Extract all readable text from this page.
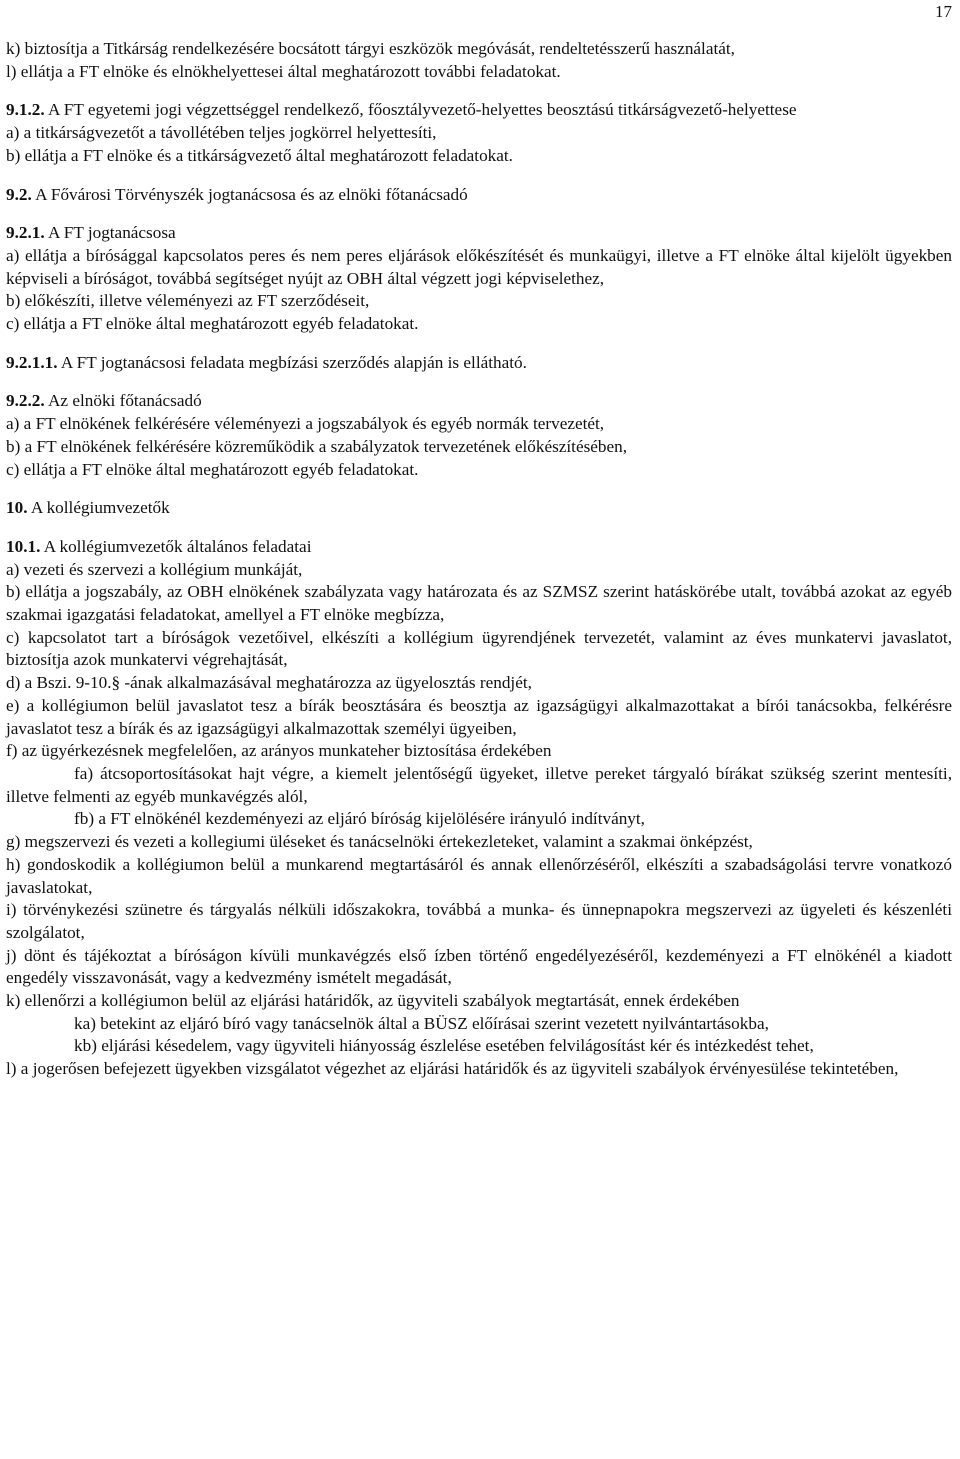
17

k) biztosítja a Titkárság rendelkezésére bocsátott tárgyi eszközök megóvását, rendeltetésszerű használatát,

l) ellátja a FT elnöke és elnökhelyettesei által meghatározott további feladatokat.

9.1.2. A FT egyetemi jogi végzettséggel rendelkező, főosztályvezető-helyettes beosztású titkárságvezető-helyettese

a) a titkárságvezetőt a távollétében teljes jogkörrel helyettesíti,

b) ellátja a FT elnöke és a titkárságvezető által meghatározott feladatokat.

9.2. A Fővárosi Törvényszék jogtanácsosa és az elnöki főtanácsadó

9.2.1. A FT jogtanácsosa

a) ellátja a bírósággal kapcsolatos peres és nem peres eljárások előkészítését és munkaügyi, illetve a FT elnöke által kijelölt ügyekben képviseli a bíróságot, továbbá segítséget nyújt az OBH által végzett jogi képviselethez,

b) előkészíti, illetve véleményezi az FT szerződéseit,

c) ellátja a FT elnöke által meghatározott egyéb feladatokat.

9.2.1.1. A FT jogtanácsosi feladata megbízási szerződés alapján is ellátható.

9.2.2. Az elnöki főtanácsadó

a) a FT elnökének felkérésére véleményezi a jogszabályok és egyéb normák tervezetét,

b) a FT elnökének felkérésére közreműködik a szabályzatok tervezetének előkészítésében,

c) ellátja a FT elnöke által meghatározott egyéb feladatokat.

10. A kollégiumvezetők

10.1. A kollégiumvezetők általános feladatai

a) vezeti és szervezi a kollégium munkáját,

b) ellátja a jogszabály, az OBH elnökének szabályzata vagy határozata és az SZMSZ szerint hatáskörébe utalt, továbbá azokat az egyéb szakmai igazgatási feladatokat, amellyel a FT elnöke megbízza,

c) kapcsolatot tart a bíróságok vezetőivel, elkészíti a kollégium ügyrendjének tervezetét, valamint az éves munkatervi javaslatot, biztosítja azok munkatervi végrehajtását,

d) a Bszi. 9-10.§ -ának alkalmazásával meghatározza az ügyelosztás rendjét,

e) a kollégiumon belül javaslatot tesz a bírák beosztására és beosztja az igazságügyi alkalmazottakat a bírói tanácsokba, felkérésre javaslatot tesz a bírák és az igazságügyi alkalmazottak személyi ügyeiben,

f) az ügyérkezésnek megfelelően, az arányos munkateher biztosítása érdekében

fa) átcsoportosításokat hajt végre, a kiemelt jelentőségű ügyeket, illetve pereket tárgyaló bírákat szükség szerint mentesíti, illetve felmenti az egyéb munkavégzés alól,

fb) a FT elnökénél kezdeményezi az eljáró bíróság kijelölésére irányuló indítványt,

g) megszervezi és vezeti a kollegiumi üléseket és tanácselnöki értekezleteket, valamint a szakmai önképzést,

h) gondoskodik a kollégiumon belül a munkarend megtartásáról és annak ellenőrzéséről, elkészíti a szabadságolási tervre vonatkozó javaslatokat,

i) törvénykezési szünetre és tárgyalás nélküli időszakokra, továbbá a munka- és ünnepnapokra megszervezi az ügyeleti és készenléti szolgálatot,

j) dönt és tájékoztat a bíróságon kívüli munkavégzés első ízben történő engedélyezéséről, kezdeményezi a FT elnökénél a kiadott engedély visszavonását, vagy a kedvezmény ismételt megadását,

k) ellenőrzi a kollégiumon belül az eljárási határidők, az ügyviteli szabályok megtartását, ennek érdekében

ka) betekint az eljáró bíró vagy tanácselnök által a BÜSZ előírásai szerint vezetett nyilvántartásokba,

kb) eljárási késedelem, vagy ügyviteli hiányosság észlelése esetében felvilágosítást kér és intézkedést tehet,

l) a jogerősen befejezett ügyekben vizsgálatot végezhet az eljárási határidők és az ügyviteli szabályok érvényesülése tekintetében,
